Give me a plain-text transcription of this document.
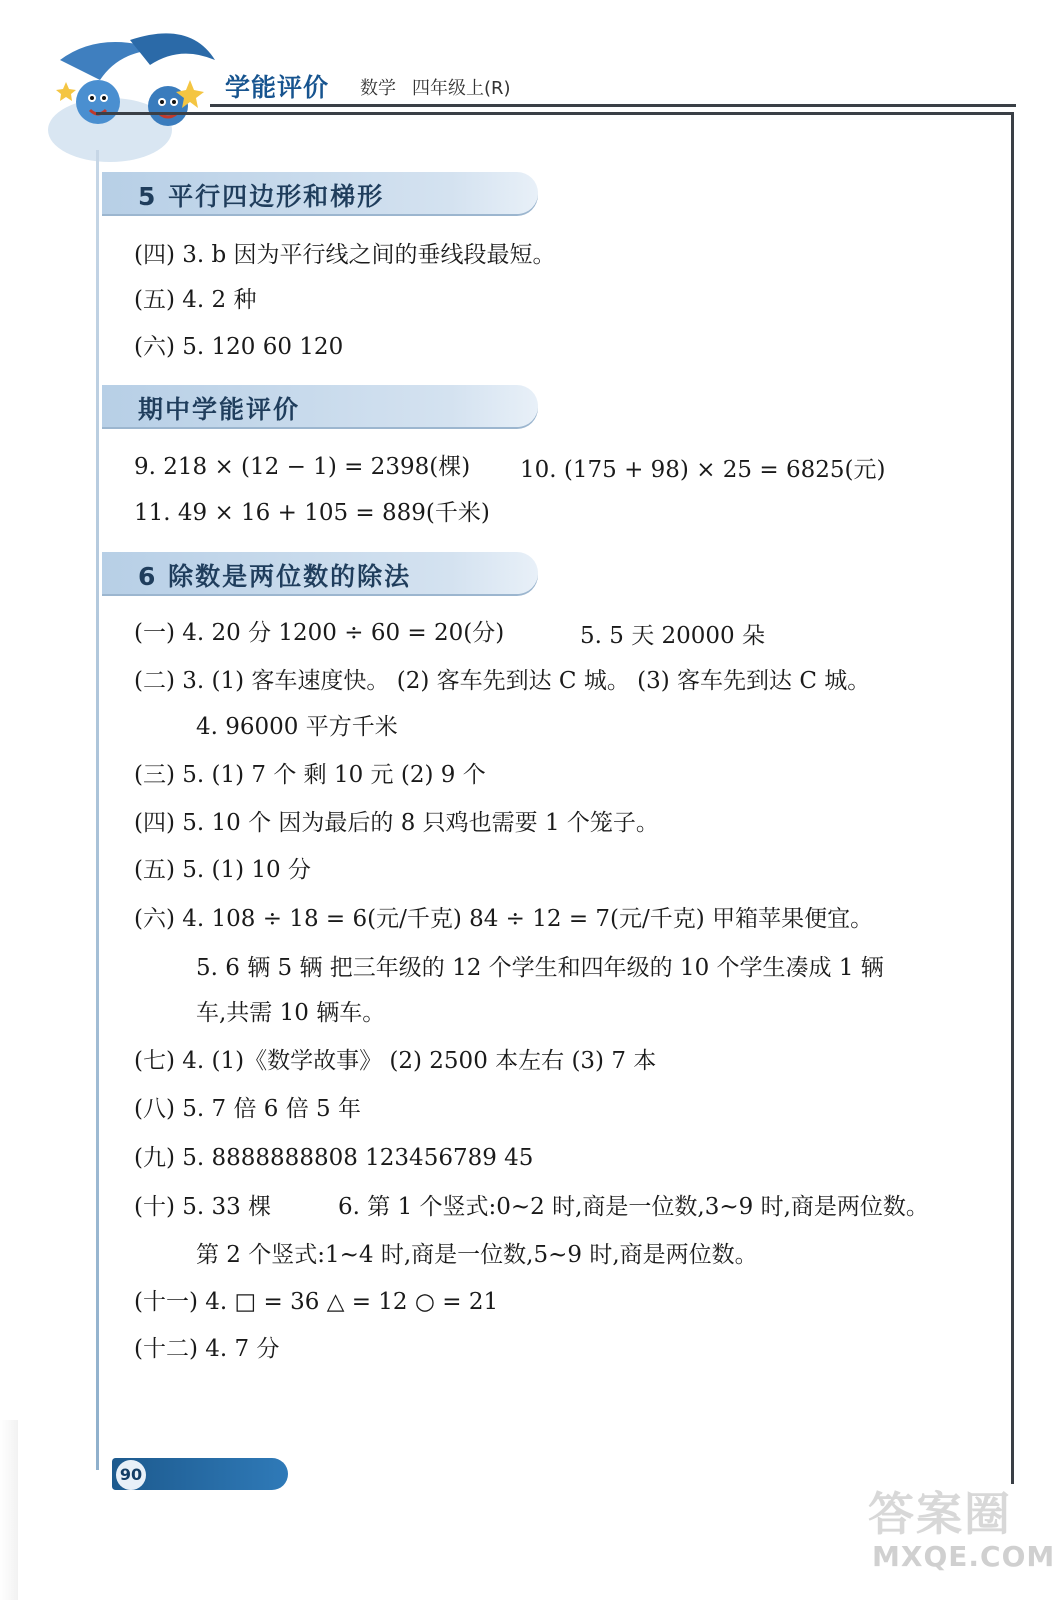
学能评价 数学 四年级上(R)
5 平行四边形和梯形
(四) 3. b 因为平行线之间的垂线段最短。
(五) 4. 2 种
(六) 5. 120 60 120
期中学能评价
9. 218 × (12 − 1) = 2398(棵) 10. (175 + 98) × 25 = 6825(元)
11. 49 × 16 + 105 = 889(千米)
6 除数是两位数的除法
(一) 4. 20 分 1200 ÷ 60 = 20(分)	5. 5 天 20000 朵
(二) 3. (1) 客车速度快。 (2) 客车先到达 C 城。 (3) 客车先到达 C 城。
4. 96000 平方千米
(三) 5. (1) 7 个 剩 10 元 (2) 9 个
(四) 5. 10 个 因为最后的 8 只鸡也需要 1 个笼子。
(五) 5. (1) 10 分
(六) 4. 108 ÷ 18 = 6(元/千克) 84 ÷ 12 = 7(元/千克) 甲箱苹果便宜。
5. 6 辆 5 辆 把三年级的 12 个学生和四年级的 10 个学生凑成 1 辆
车,共需 10 辆车。
(七) 4. (1)《数学故事》 (2) 2500 本左右 (3) 7 本
(八) 5. 7 倍 6 倍 5 年
(九) 5. 8888888808 123456789 45
(十) 5. 33 棵	6. 第 1 个竖式:0~2 时,商是一位数,3~9 时,商是两位数。
第 2 个竖式:1~4 时,商是一位数,5~9 时,商是两位数。
(十一) 4. □ = 36 △ = 12 ○ = 21
(十二) 4. 7 分
90
答案圈
MXQE.COM
